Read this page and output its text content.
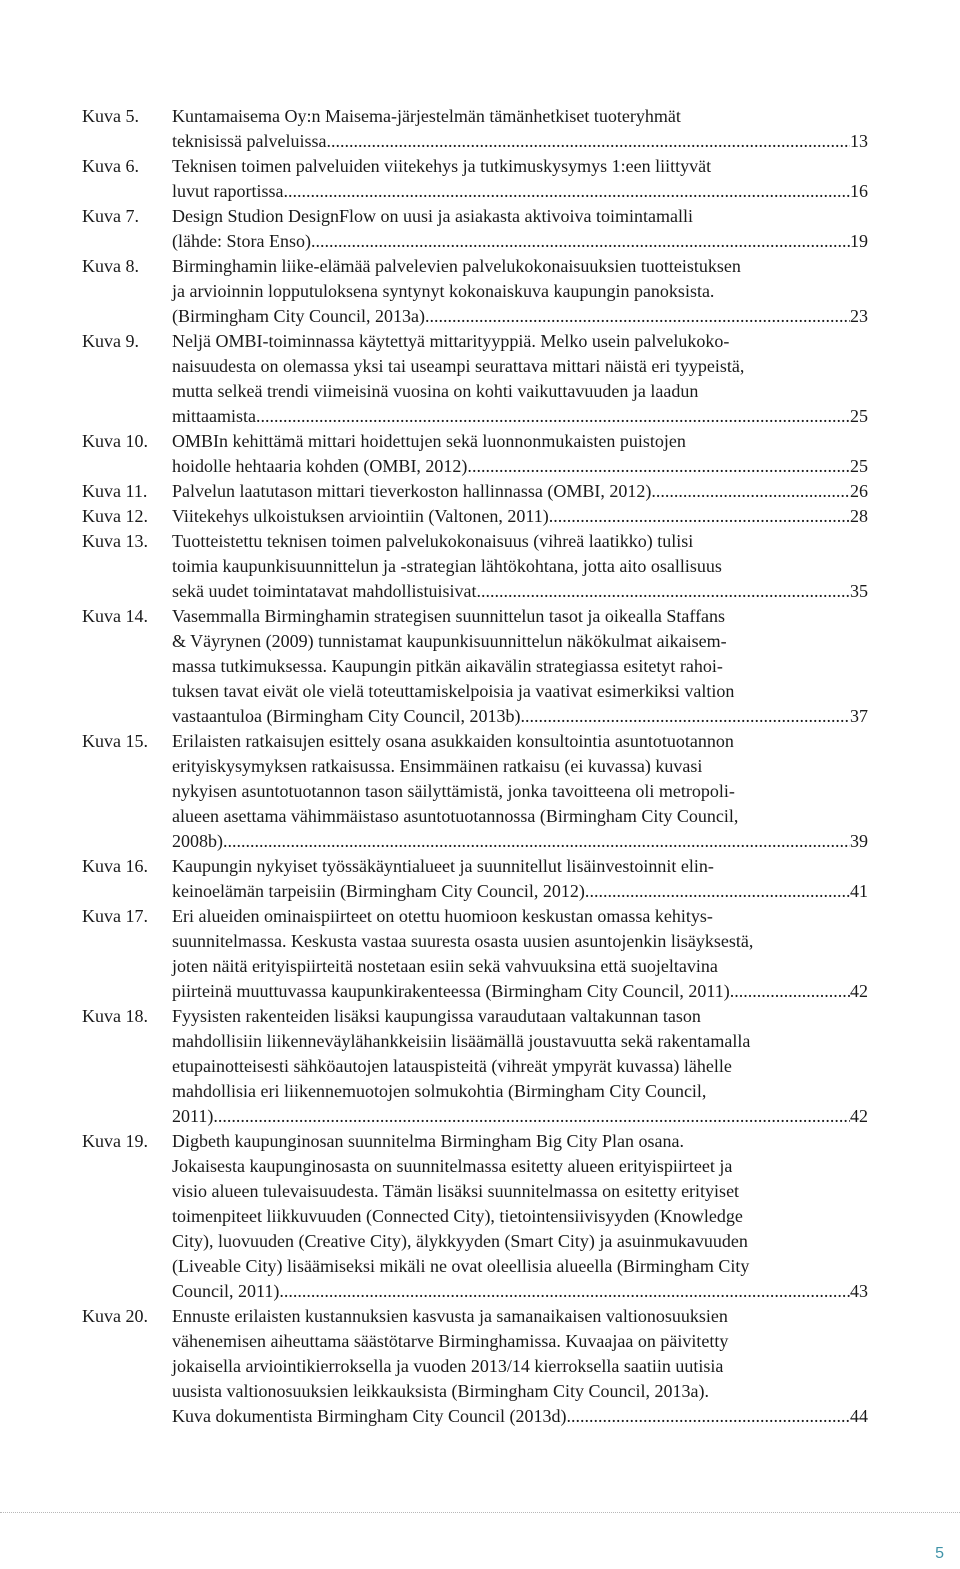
Kuva 5.	Kuntamaisema Oy:n Maisema-järjestelmän tämänhetkiset tuoteryhmät
teknisissä palveluissa. .....	13
Kuva 6.	Teknisen toimen palveluiden viitekehys ja tutkimuskysymys 1:een liittyvät
luvut raportissa .....	16
Kuva 7.	Design Studion DesignFlow on uusi ja asiakasta aktivoiva toimintamalli
(lähde: Stora Enso) .....	19
Kuva 8.	Birminghamin liike-elämää palvelevien palvelukokonaisuuksien tuotteistuksen
ja arvioinnin lopputuloksena syntynyt kokonaiskuva kaupungin panoksista.
(Birmingham City Council, 2013a) .....	23
Kuva 9.	Neljä OMBI-toiminnassa käytettyä mittarityyppiä. Melko usein palvelukoko-
naisuudesta on olemassa yksi tai useampi seurattava mittari näistä eri tyypeistä,
mutta selkeä trendi viimeisinä vuosina on kohti vaikuttavuuden ja laadun
mittaamista. .....	25
Kuva 10.	OMBIn kehittämä mittari hoidettujen sekä luonnonmukaisten puistojen
hoidolle hehtaaria kohden (OMBI, 2012). .....	25
Kuva 11.	Palvelun laatutason mittari tieverkoston hallinnassa (OMBI, 2012). .....	26
Kuva 12.	Viitekehys ulkoistuksen arviointiin (Valtonen, 2011) .....	28
Kuva 13.	Tuotteistettu teknisen toimen palvelukokonaisuus (vihreä laatikko) tulisi
toimia kaupunkisuunnittelun ja -strategian lähtökohtana, jotta aito osallisuus
sekä uudet toimintatavat mahdollistuisivat. .....	35
Kuva 14.	Vasemmalla Birminghamin strategisen suunnittelun tasot ja oikealla Staffans
& Väyrynen (2009) tunnistamat kaupunkisuunnittelun näkökulmat aikaisem-
massa tutkimuksessa. Kaupungin pitkän aikavälin strategiassa esitetyt rahoi-
tuksen tavat eivät ole vielä toteuttamiskelpoisia ja vaativat esimerkiksi valtion
vastaantuloa (Birmingham City Council, 2013b) .....	37
Kuva 15.	Erilaisten ratkaisujen esittely osana asukkaiden konsultointia asuntotuotannon
erityiskysymyksen ratkaisussa. Ensimmäinen ratkaisu (ei kuvassa) kuvasi
nykyisen asuntotuotannon tason säilyttämistä, jonka tavoitteena oli metropoli-
alueen asettama vähimmäistaso asuntotuotannossa (Birmingham City Council,
2008b). .....	39
Kuva 16.	Kaupungin nykyiset työssäkäyntialueet ja suunnitellut lisäinvestoinnit elin-
keinoelämän tarpeisiin (Birmingham City Council, 2012). .....	41
Kuva 17.	Eri alueiden ominaispiirteet on otettu huomioon keskustan omassa kehitys-
suunnitelmassa. Keskusta vastaa suuresta osasta uusien asuntojenkin lisäyksestä,
joten näitä erityispiirteitä nostetaan esiin sekä vahvuuksina että suojeltavina
piirteinä muuttuvassa kaupunkirakenteessa (Birmingham City Council, 2011). .....	42
Kuva 18.	Fyysisten rakenteiden lisäksi kaupungissa varaudutaan valtakunnan tason
mahdollisiin liikenneväylähankkeisiin lisäämällä joustavuutta sekä rakentamalla
etupainotteisesti sähköautojen latauspisteitä (vihreät ympyrät kuvassa) lähelle
mahdollisia eri liikennemuotojen solmukohtia (Birmingham City Council,
2011). .....	42
Kuva 19.	Digbeth kaupunginosan suunnitelma Birmingham Big City Plan osana.
Jokaisesta kaupunginosasta on suunnitelmassa esitetty alueen erityispiirteet ja
visio alueen tulevaisuudesta. Tämän lisäksi suunnitelmassa on esitetty erityiset
toimenpiteet liikkuvuuden (Connected City), tietointensiivisyyden (Knowledge
City), luovuuden (Creative City), älykkyyden (Smart City) ja asuinmukavuuden
(Liveable City) lisäämiseksi mikäli ne ovat oleellisia alueella (Birmingham City
Council, 2011). .....	43
Kuva 20.	Ennuste erilaisten kustannuksien kasvusta ja samanaikaisen valtionosuuksien
vähenemisen aiheuttama säästötarve Birminghamissa. Kuvaajaa on päivitetty
jokaisella arviointikierroksella ja vuoden 2013/14 kierroksella saatiin uutisia
uusista valtionosuuksien leikkauksista (Birmingham City Council, 2013a).
Kuva dokumentista Birmingham City Council (2013d) .....	44
5
